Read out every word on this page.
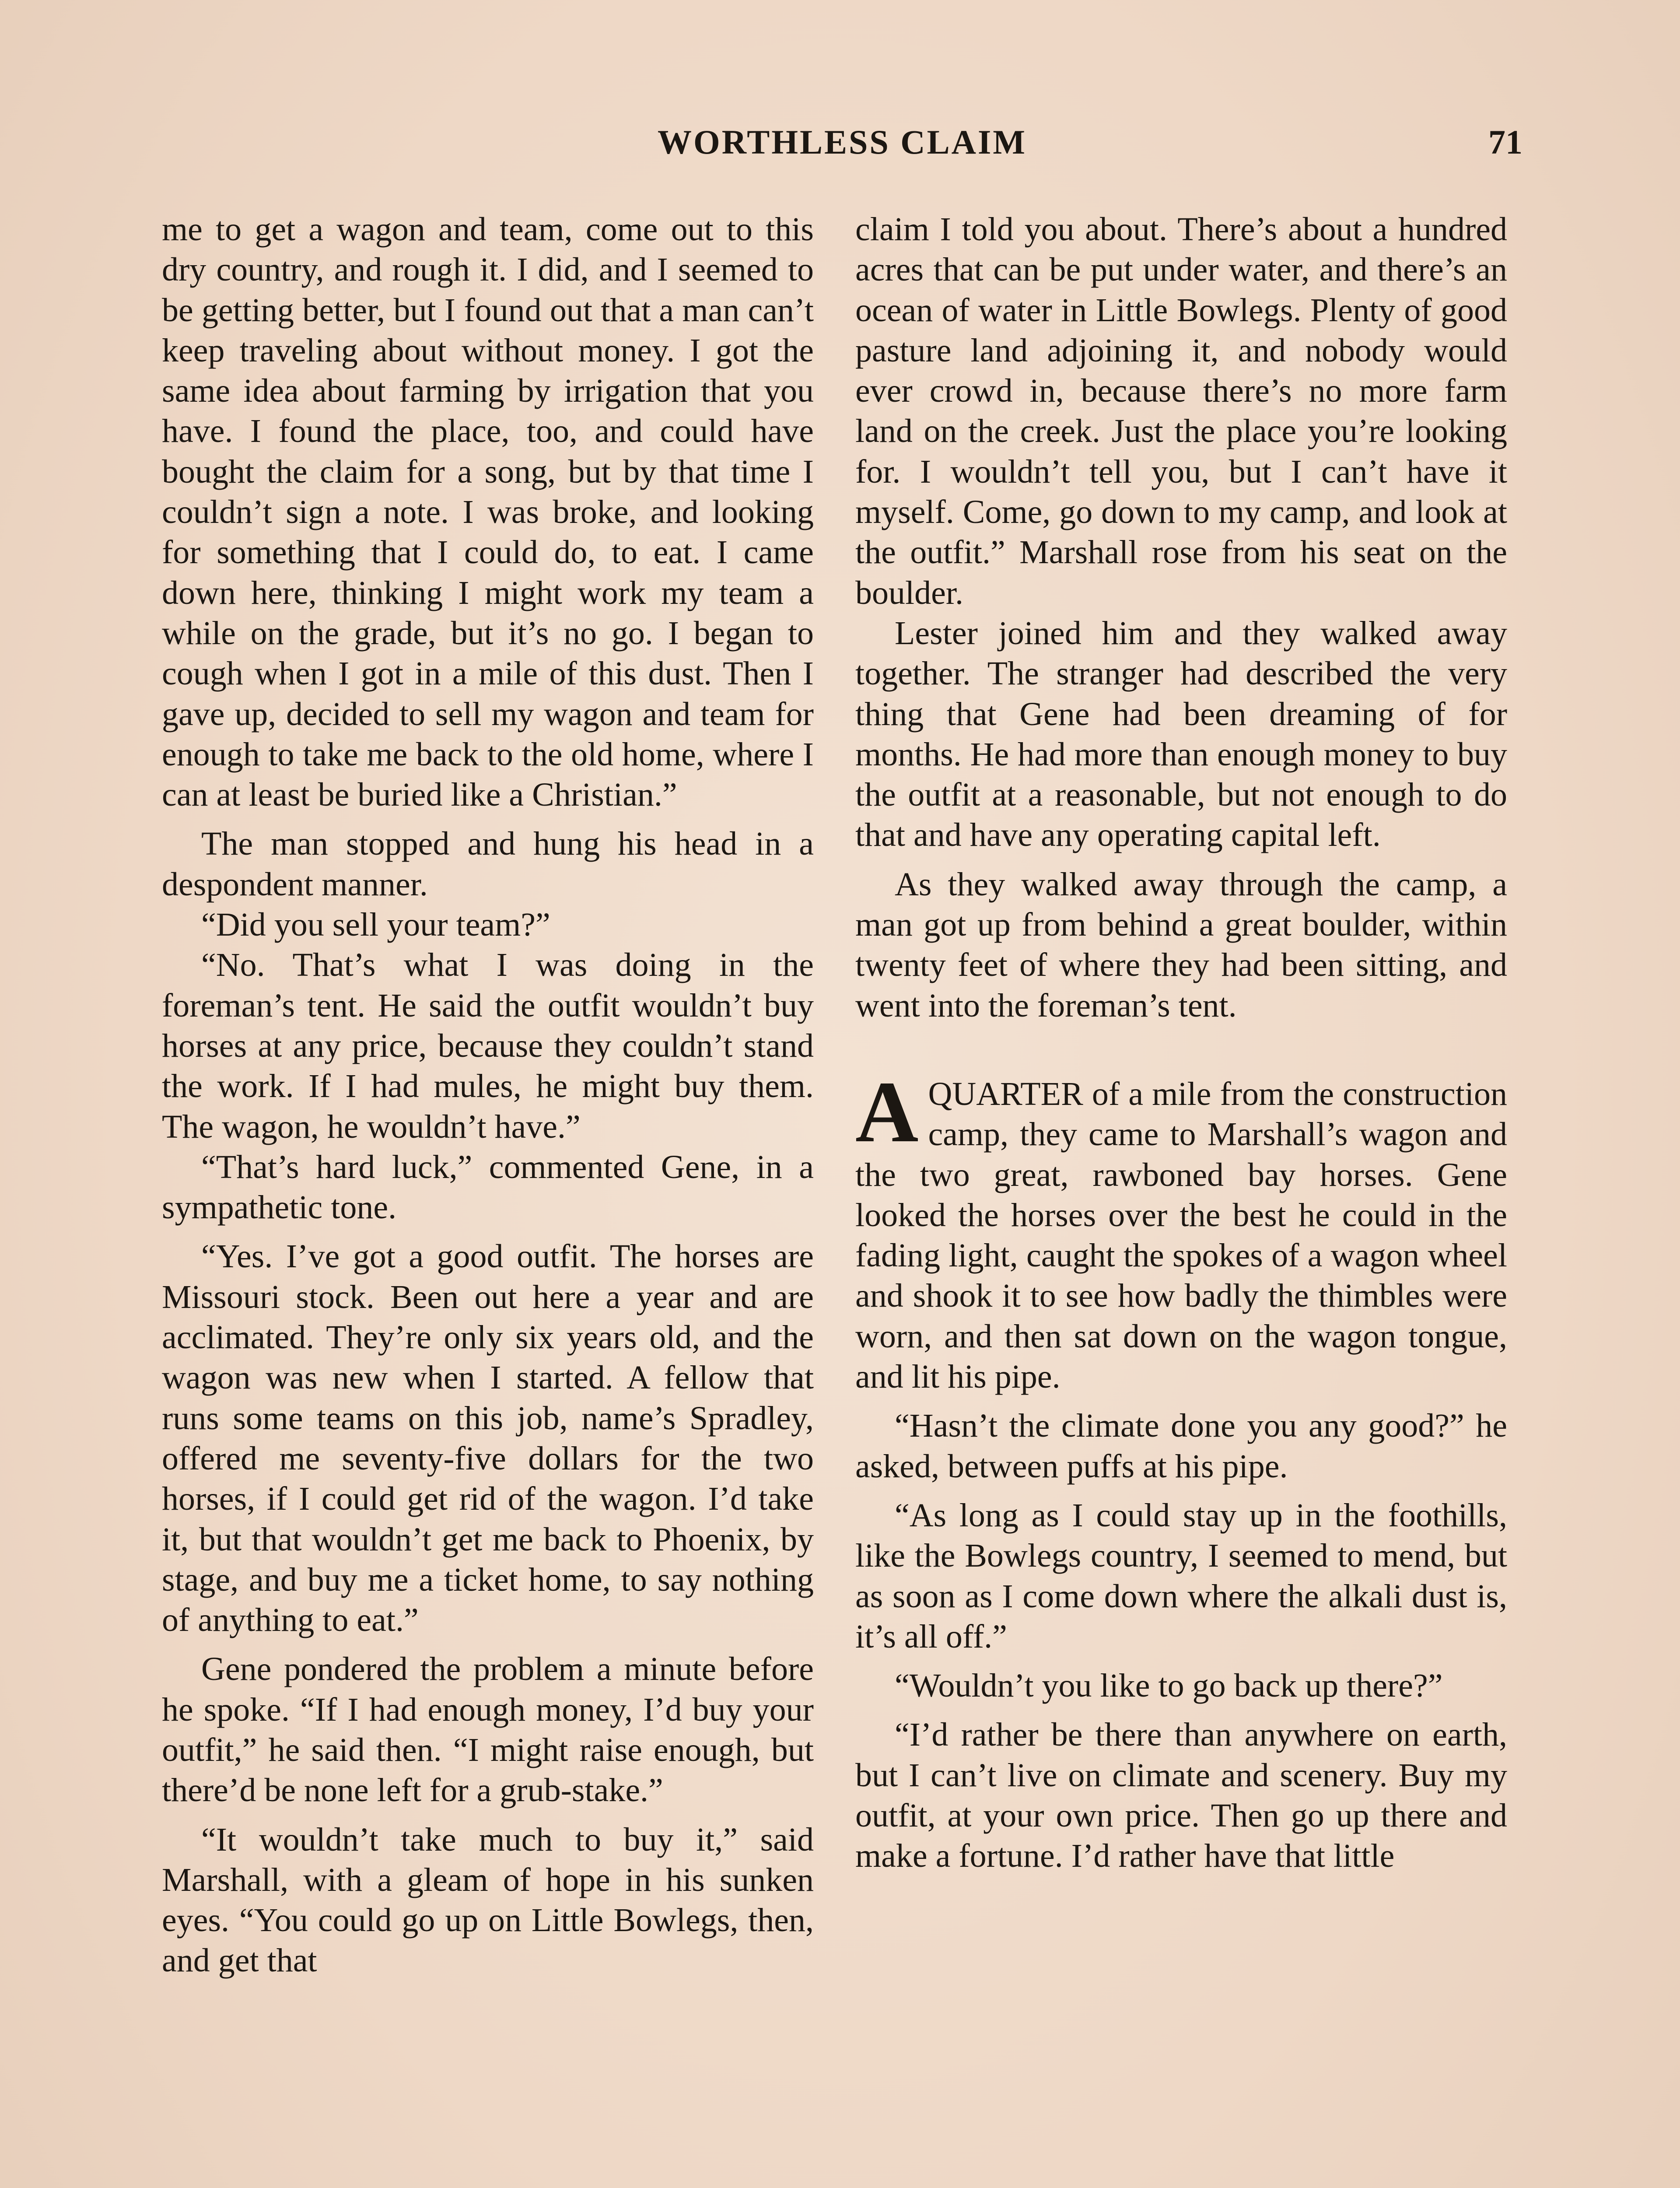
WORTHLESS CLAIM	71

me to get a wagon and team, come out to this dry country, and rough it. I did, and I seemed to be getting better, but I found out that a man can’t keep traveling about without money. I got the same idea about farming by irrigation that you have. I found the place, too, and could have bought the claim for a song, but by that time I couldn’t sign a note. I was broke, and looking for something that I could do, to eat. I came down here, thinking I might work my team a while on the grade, but it’s no go. I began to cough when I got in a mile of this dust. Then I gave up, decided to sell my wagon and team for enough to take me back to the old home, where I can at least be buried like a Christian.”

The man stopped and hung his head in a despondent manner.

“Did you sell your team?”

“No. That’s what I was doing in the foreman’s tent. He said the outfit wouldn’t buy horses at any price, because they couldn’t stand the work. If I had mules, he might buy them. The wagon, he wouldn’t have.”

“That’s hard luck,” commented Gene, in a sympathetic tone.

“Yes. I’ve got a good outfit. The horses are Missouri stock. Been out here a year and are acclimated. They’re only six years old, and the wagon was new when I started. A fellow that runs some teams on this job, name’s Spradley, offered me seventy-five dollars for the two horses, if I could get rid of the wagon. I’d take it, but that wouldn’t get me back to Phoenix, by stage, and buy me a ticket home, to say nothing of anything to eat.”

Gene pondered the problem a minute before he spoke. “If I had enough money, I’d buy your outfit,” he said then. “I might raise enough, but there’d be none left for a grub-stake.”

“It wouldn’t take much to buy it,” said Marshall, with a gleam of hope in his sunken eyes. “You could go up on Little Bowlegs, then, and get that

claim I told you about. There’s about a hundred acres that can be put under water, and there’s an ocean of water in Little Bowlegs. Plenty of good pasture land adjoining it, and nobody would ever crowd in, because there’s no more farm land on the creek. Just the place you’re looking for. I wouldn’t tell you, but I can’t have it myself. Come, go down to my camp, and look at the outfit.” Marshall rose from his seat on the boulder.

Lester joined him and they walked away together. The stranger had described the very thing that Gene had been dreaming of for months. He had more than enough money to buy the outfit at a reasonable, but not enough to do that and have any operating capital left.

As they walked away through the camp, a man got up from behind a great boulder, within twenty feet of where they had been sitting, and went into the foreman’s tent.

AQUARTER of a mile from the construction camp, they came to Marshall’s wagon and the two great, rawboned bay horses. Gene looked the horses over the best he could in the fading light, caught the spokes of a wagon wheel and shook it to see how badly the thimbles were worn, and then sat down on the wagon tongue, and lit his pipe.

“Hasn’t the climate done you any good?” he asked, between puffs at his pipe.

“As long as I could stay up in the foothills, like the Bowlegs country, I seemed to mend, but as soon as I come down where the alkali dust is, it’s all off.”

“Wouldn’t you like to go back up there?”

“I’d rather be there than anywhere on earth, but I can’t live on climate and scenery. Buy my outfit, at your own price. Then go up there and make a fortune. I’d rather have that little
